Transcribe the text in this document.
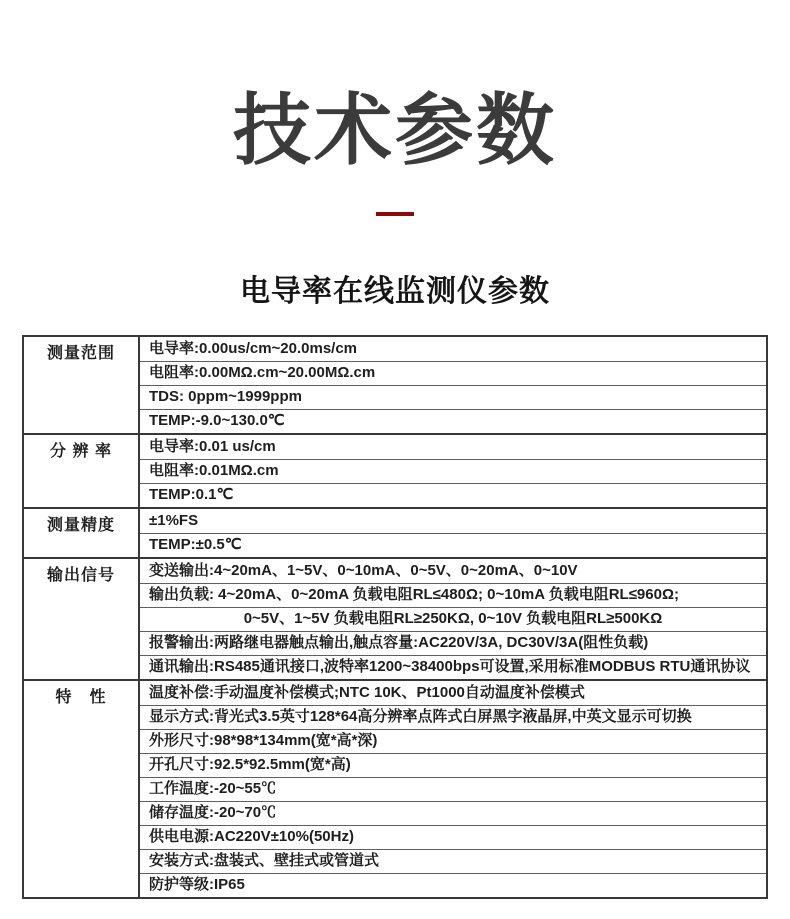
技术参数
电导率在线监测仪参数
测量范围	电导率:0.00us/cm~20.0ms/cm
电阻率:0.00MΩ.cm~20.00MΩ.cm
TDS: 0ppm~1999ppm
TEMP:-9.0~130.0℃
分 辨 率	电导率:0.01 us/cm
电阻率:0.01MΩ.cm
TEMP:0.1℃
测量精度	±1%FS
TEMP:±0.5℃
输出信号	变送输出:4~20mA、1~5V、0~10mA、0~5V、0~20mA、0~10V
输出负载: 4~20mA、0~20mA 负载电阻RL≤480Ω; 0~10mA 负载电阻RL≤960Ω;
0~5V、1~5V 负载电阻RL≥250KΩ, 0~10V 负载电阻RL≥500KΩ
报警输出:两路继电器触点输出,触点容量:AC220V/3A, DC30V/3A(阻性负载)
通讯输出:RS485通讯接口,波特率1200~38400bps可设置,采用标准MODBUS RTU通讯协议
特　性	温度补偿:手动温度补偿模式;NTC 10K、Pt1000自动温度补偿模式
显示方式:背光式3.5英寸128*64高分辨率点阵式白屏黑字液晶屏,中英文显示可切换
外形尺寸:98*98*134mm(宽*高*深)
开孔尺寸:92.5*92.5mm(宽*高)
工作温度:-20~55℃
储存温度:-20~70℃
供电电源:AC220V±10%(50Hz)
安装方式:盘装式、壁挂式或管道式
防护等级:IP65
